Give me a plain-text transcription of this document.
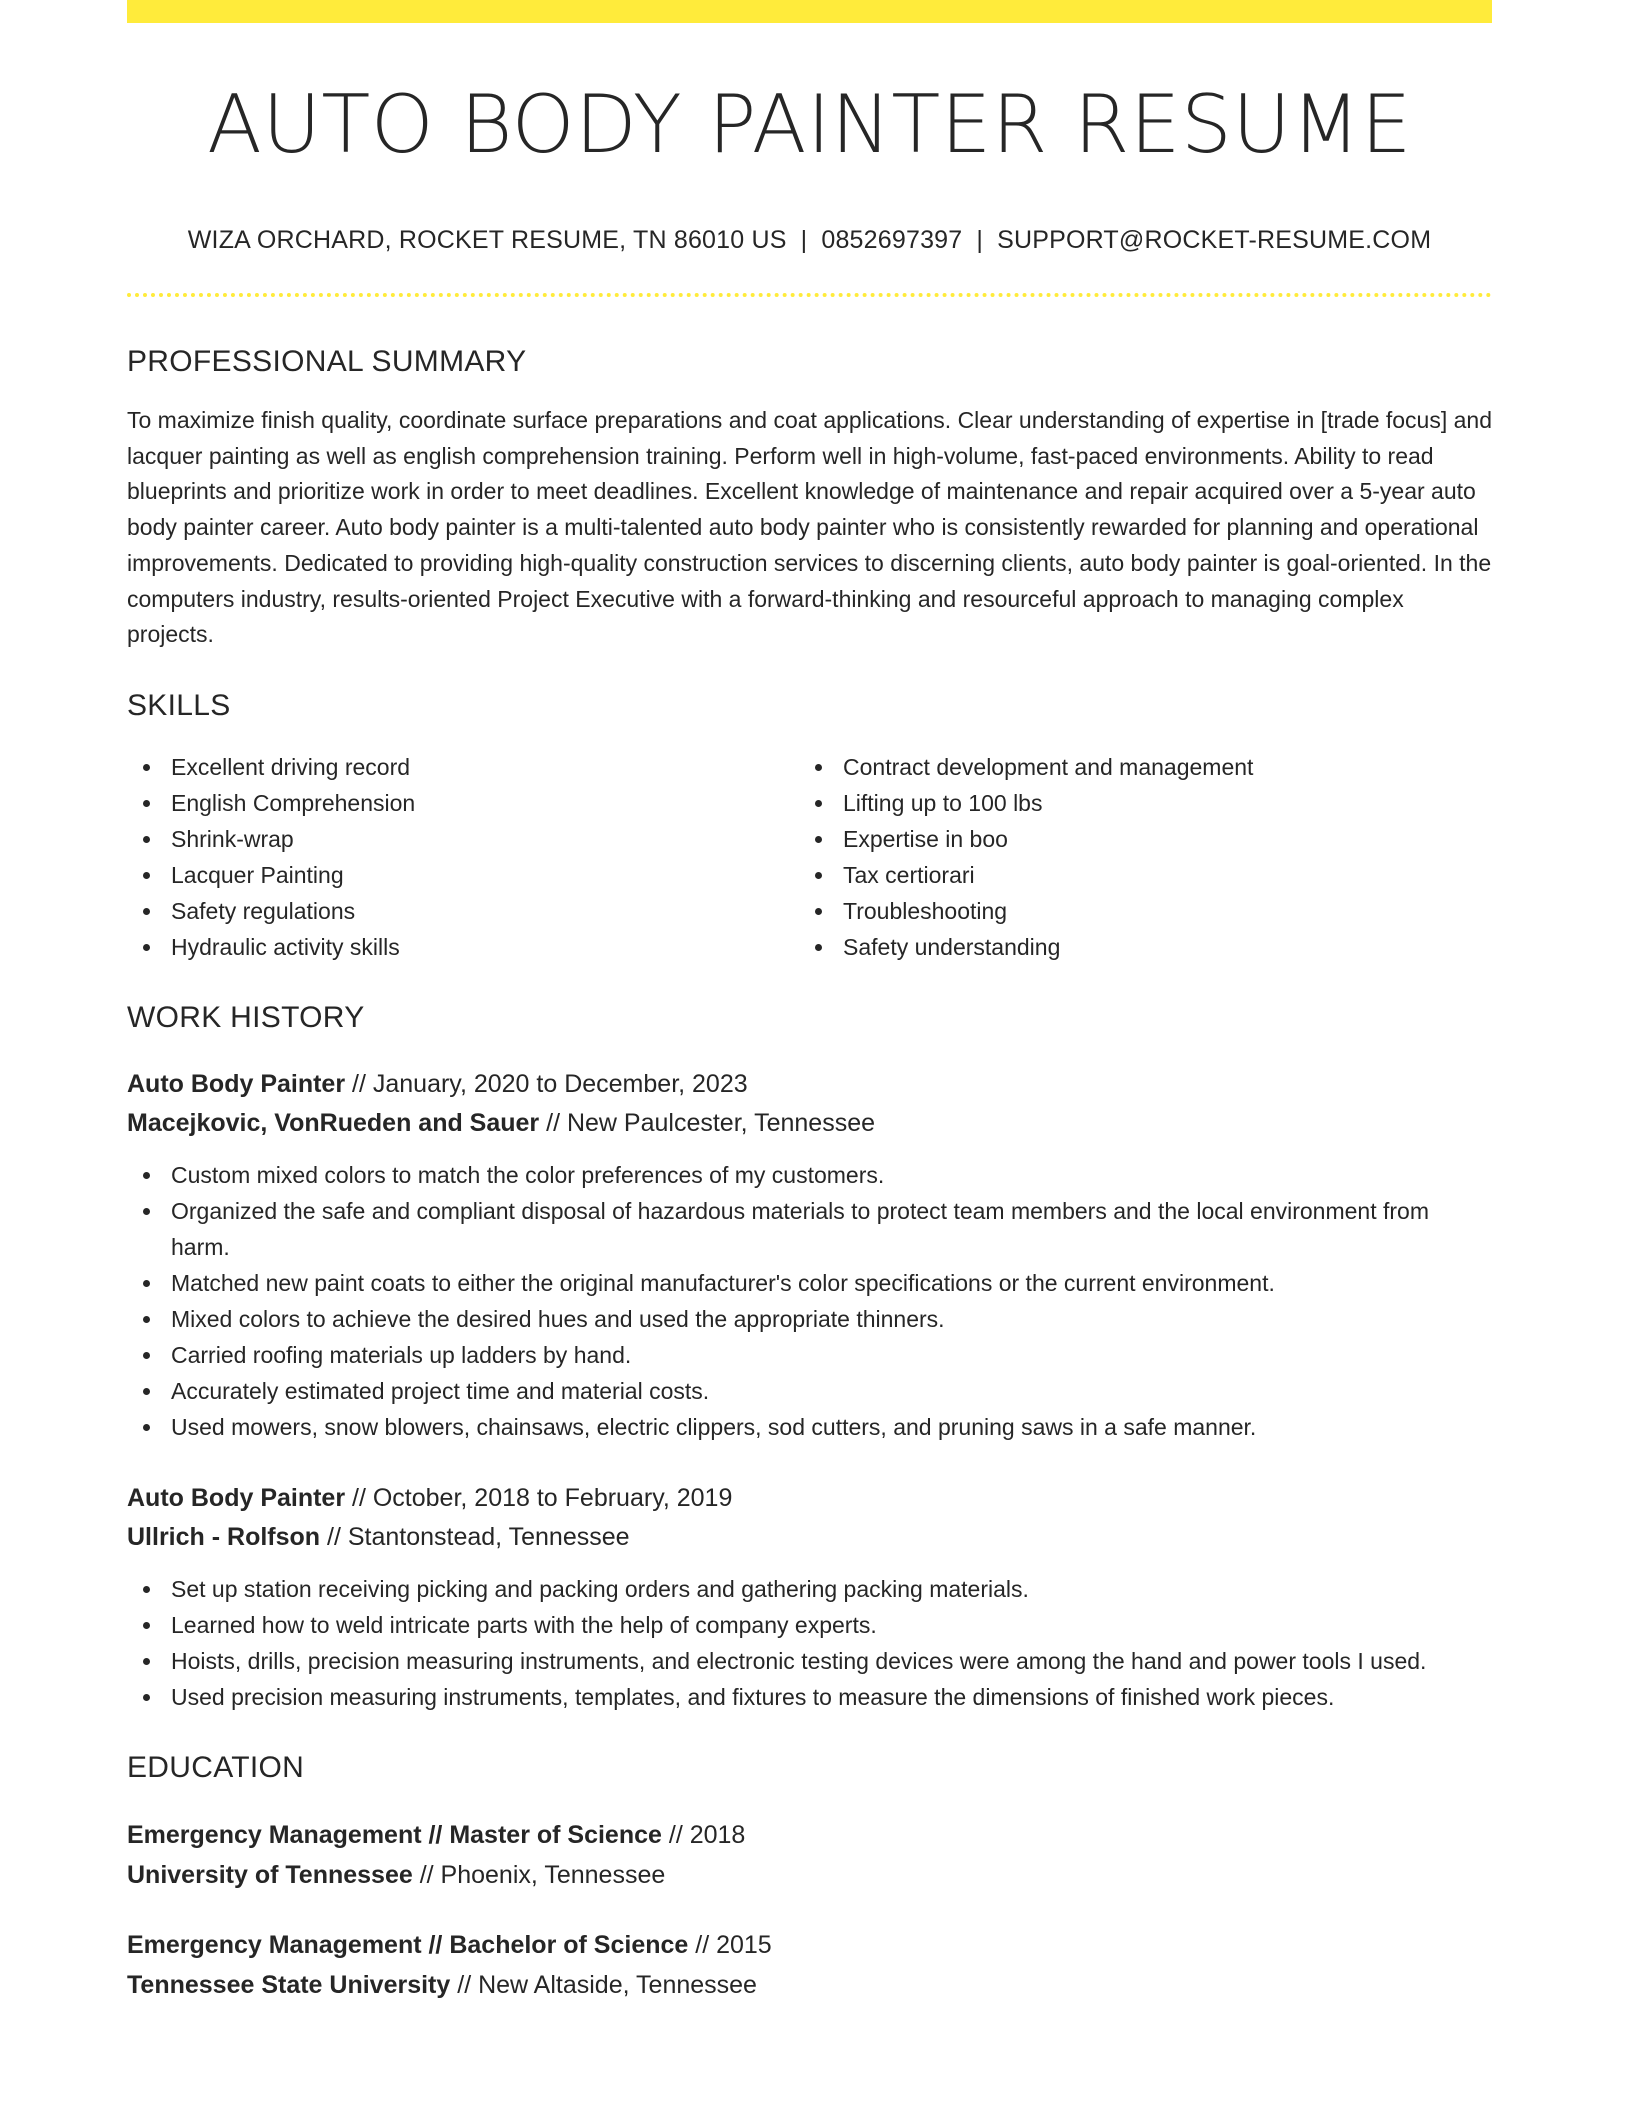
AUTO BODY PAINTER RESUME
WIZA ORCHARD, ROCKET RESUME, TN 86010 US | 0852697397 | SUPPORT@ROCKET-RESUME.COM
PROFESSIONAL SUMMARY

To maximize finish quality, coordinate surface preparations and coat applications. Clear understanding of expertise in [trade focus] and lacquer painting as well as english comprehension training. Perform well in high-volume, fast-paced environments. Ability to read blueprints and prioritize work in order to meet deadlines. Excellent knowledge of maintenance and repair acquired over a 5-year auto body painter career. Auto body painter is a multi-talented auto body painter who is consistently rewarded for planning and operational improvements. Dedicated to providing high-quality construction services to discerning clients, auto body painter is goal-oriented. In the computers industry, results-oriented Project Executive with a forward-thinking and resourceful approach to managing complex projects.

SKILLS
Excellent driving record
English Comprehension
Shrink-wrap
Lacquer Painting
Safety regulations
Hydraulic activity skills
Contract development and management
Lifting up to 100 lbs
Expertise in boo
Tax certiorari
Troubleshooting
Safety understanding
WORK HISTORY
Auto Body Painter // January, 2020 to December, 2023
Macejkovic, VonRueden and Sauer // New Paulcester, Tennessee
Custom mixed colors to match the color preferences of my customers.
Organized the safe and compliant disposal of hazardous materials to protect team members and the local environment from harm.
Matched new paint coats to either the original manufacturer's color specifications or the current environment.
Mixed colors to achieve the desired hues and used the appropriate thinners.
Carried roofing materials up ladders by hand.
Accurately estimated project time and material costs.
Used mowers, snow blowers, chainsaws, electric clippers, sod cutters, and pruning saws in a safe manner.
Auto Body Painter // October, 2018 to February, 2019
Ullrich - Rolfson // Stantonstead, Tennessee
Set up station receiving picking and packing orders and gathering packing materials.
Learned how to weld intricate parts with the help of company experts.
Hoists, drills, precision measuring instruments, and electronic testing devices were among the hand and power tools I used.
Used precision measuring instruments, templates, and fixtures to measure the dimensions of finished work pieces.
EDUCATION
Emergency Management // Master of Science // 2018
University of Tennessee // Phoenix, Tennessee
Emergency Management // Bachelor of Science // 2015
Tennessee State University // New Altaside, Tennessee
